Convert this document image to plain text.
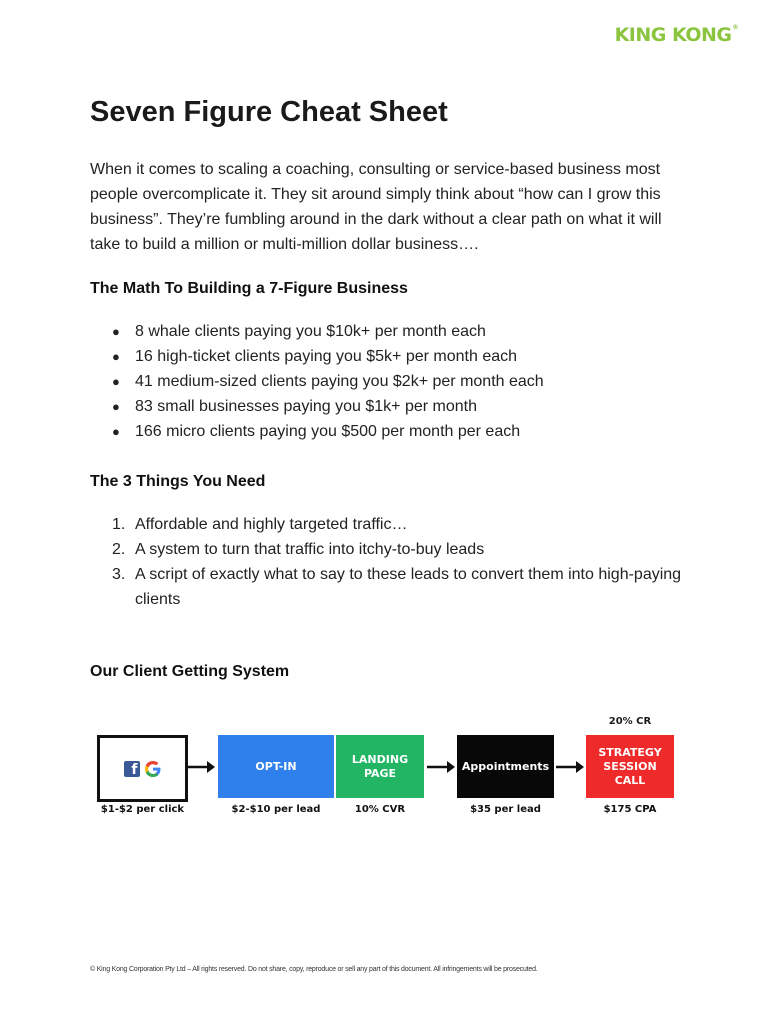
KING KONG®
Seven Figure Cheat Sheet

When it comes to scaling a coaching, consulting or service-based business most people overcomplicate it. They sit around simply think about “how can I grow this business”. They’re fumbling around in the dark without a clear path on what it will take to build a million or multi-million dollar business….

The Math To Building a 7-Figure Business
● 8 whale clients paying you $10k+ per month each
● 16 high-ticket clients paying you $5k+ per month each
● 41 medium-sized clients paying you $2k+ per month each
● 83 small businesses paying you $1k+ per month
● 166 micro clients paying you $500 per month per each
The 3 Things You Need
1. Affordable and highly targeted traffic…
2. A system to turn that traffic into itchy-to-buy leads
3. A script of exactly what to say to these leads to convert them into high-paying clients
Our Client Getting System
20% CR
f	OPT-IN
LANDING
PAGE
Appointments
STRATEGY
SESSION
CALL
$1-$2 per click	$2-$10 per lead	10% CVR	$35 per lead	$175 CPA
© King Kong Corporation Pty Ltd – All rights reserved. Do not share, copy, reproduce or sell any part of this document. All infringements will be prosecuted.
